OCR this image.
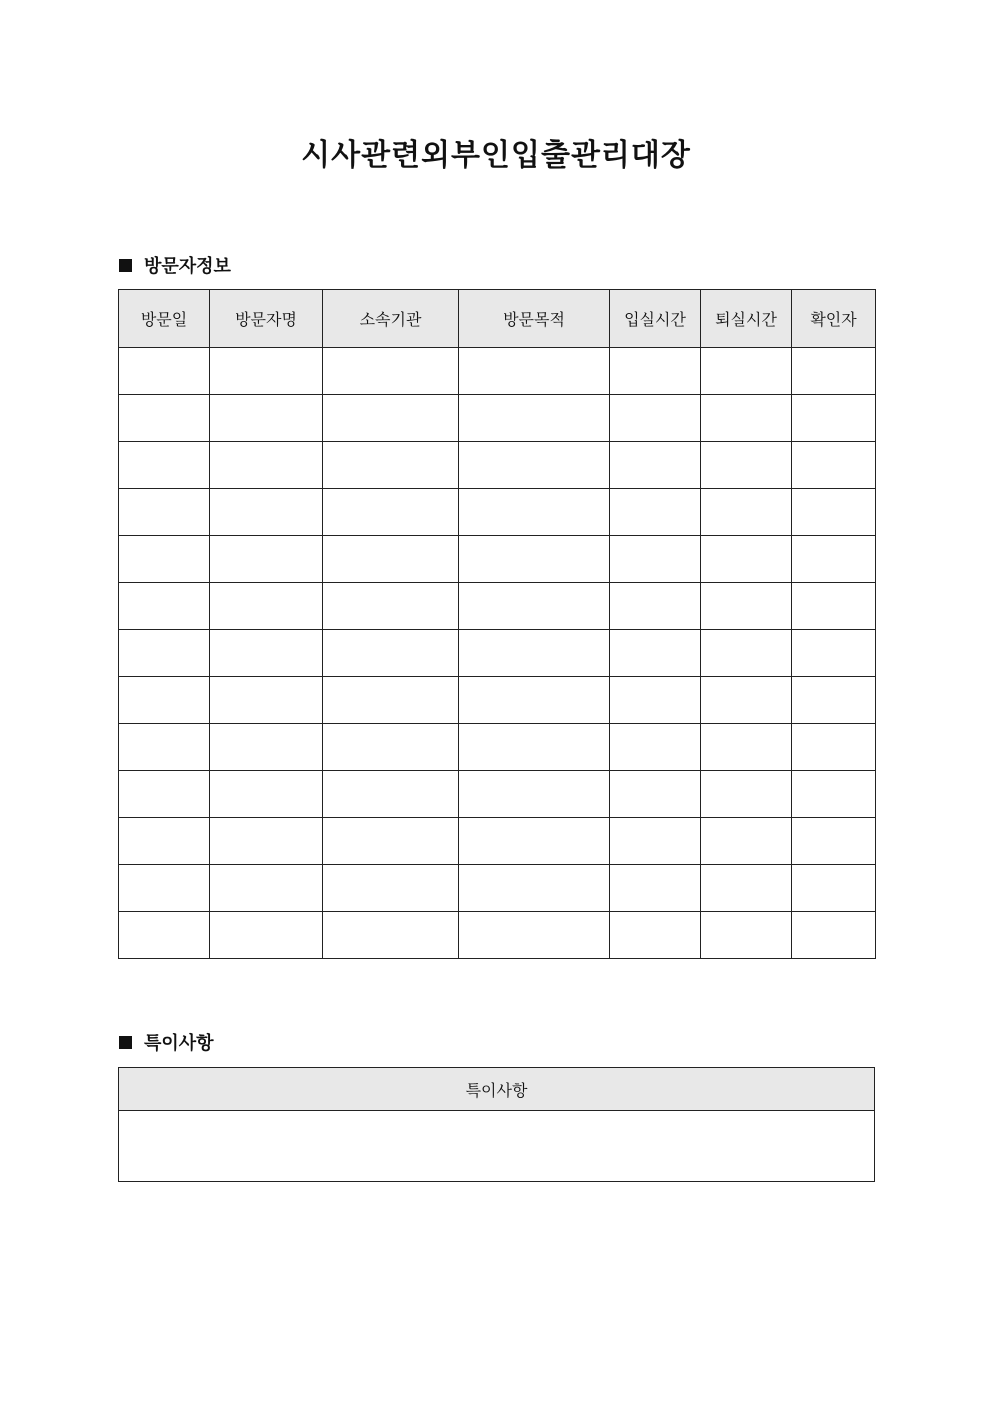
시사관련외부인입출관리대장
방문자정보
방문일	방문자명	소속기관	방문목적	입실시간	퇴실시간	확인자

특이사항
특이사항
